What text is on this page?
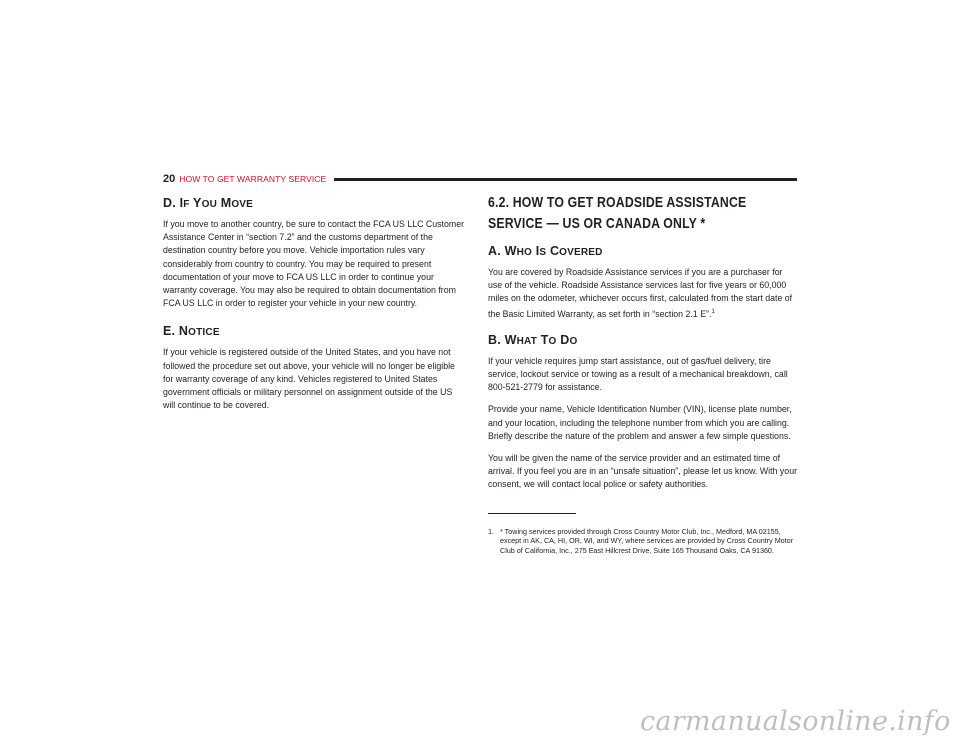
20 HOW TO GET WARRANTY SERVICE
D. IF YOU MOVE

If you move to another country, be sure to contact the FCA US LLC Customer Assistance Center in “section 7.2” and the customs department of the destination country before you move. Vehicle importation rules vary considerably from country to country. You may be required to present documentation of your move to FCA US LLC in order to continue your warranty coverage. You may also be required to obtain documentation from FCA US LLC in order to register your vehicle in your new country.

E. NOTICE

If your vehicle is registered outside of the United States, and you have not followed the procedure set out above, your vehicle will no longer be eligible for warranty coverage of any kind. Vehicles registered to United States government officials or military personnel on assignment outside of the US will continue to be covered.

6.2. HOW TO GET ROADSIDE ASSISTANCE SERVICE — US OR CANADA ONLY *
A. WHO IS COVERED

You are covered by Roadside Assistance services if you are a purchaser for use of the vehicle. Roadside Assistance services last for five years or 60,000 miles on the odometer, whichever occurs first, calculated from the start date of the Basic Limited Warranty, as set forth in “section 2.1 E”.$^1$

B. WHAT TO DO

If your vehicle requires jump start assistance, out of gas/fuel delivery, tire service, lockout service or towing as a result of a mechanical breakdown, call 800-521-2779 for assistance.

Provide your name, Vehicle Identification Number (VIN), license plate number, and your location, including the telephone number from which you are calling. Briefly describe the nature of the problem and answer a few simple questions.

You will be given the name of the service provider and an estimated time of arrival. If you feel you are in an “unsafe situation”, please let us know. With your consent, we will contact local police or safety authorities.

1. * Towing services provided through Cross Country Motor Club, Inc., Medford, MA 02155, except in AK, CA, HI, OR, WI, and WY, where services are provided by Cross Country Motor Club of California, Inc., 275 East Hillcrest Drive, Suite 165 Thousand Oaks, CA 91360.
carmanualsonline.info
